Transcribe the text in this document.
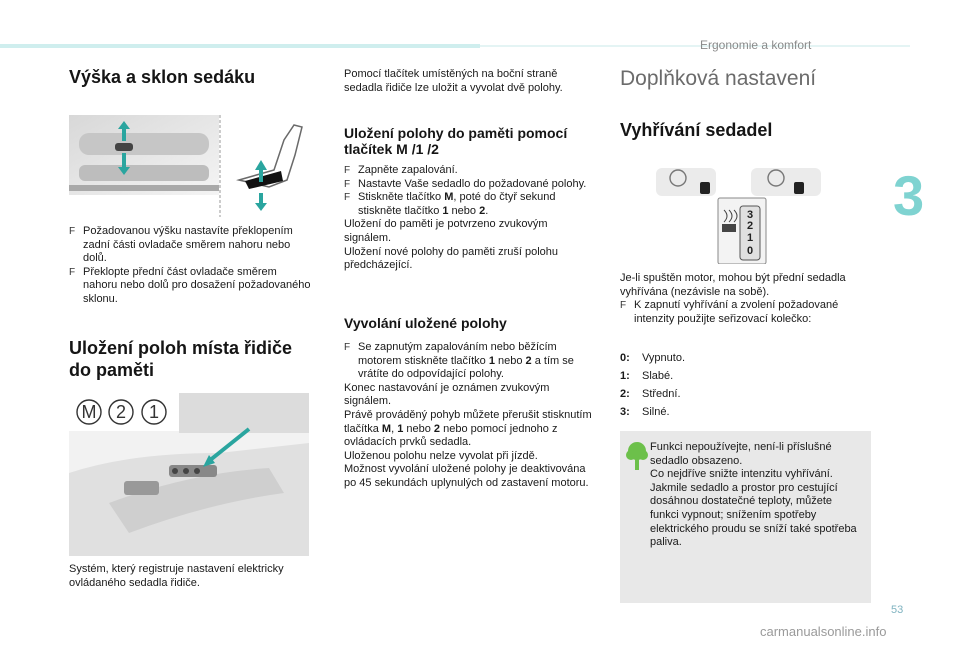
Ergonomie a komfort
3
53
carmanualsonline.info
Výška a sklon sedáku
F Požadovanou výšku nastavíte překlopením zadní části ovladače směrem nahoru nebo dolů.
F Překlopte přední část ovladače směrem nahoru nebo dolů pro dosažení požadovaného sklonu.
Uložení poloh místa řidiče
do paměti
M 2 1
Systém, který registruje nastavení elektricky ovládaného sedadla řidiče.
Pomocí tlačítek umístěných na boční straně sedadla řidiče lze uložit a vyvolat dvě polohy.
Uložení polohy do paměti pomocí
tlačítek M /1 /2
F Zapněte zapalování.
F Nastavte Vaše sedadlo do požadované polohy.
F Stiskněte tlačítko M, poté do čtyř sekund stiskněte tlačítko 1 nebo 2.

Uložení do paměti je potvrzeno zvukovým signálem.

Uložení nové polohy do paměti zruší polohu předcházející.

Vyvolání uložené polohy
F Se zapnutým zapalováním nebo běžícím motorem stiskněte tlačítko 1 nebo 2 a tím se vrátíte do odpovídající polohy.

Konec nastavování je oznámen zvukovým signálem.

Právě prováděný pohyb můžete přerušit stisknutím tlačítka M, 1 nebo 2 nebo pomocí jednoho z ovládacích prvků sedadla.

Uloženou polohu nelze vyvolat při jízdě.

Možnost vyvolání uložené polohy je deaktivována po 45 sekundách uplynulých od zastavení motoru.

Doplňková nastavení
Vyhřívání sedadel
3
2
1
0

Je-li spuštěn motor, mohou být přední sedadla vyhřívána (nezávisle na sobě).

F K zapnutí vyhřívání a zvolení požadované intenzity použijte seřizovací kolečko:
0:	Vypnuto.
1:	Slabé.
2:	Střední.
3:	Silné.

Funkci nepoužívejte, není-li příslušné sedadlo obsazeno.

Co nejdříve snižte intenzitu vyhřívání.

Jakmile sedadlo a prostor pro cestující dosáhnou dostatečné teploty, můžete funkci vypnout; snížením spotřeby elektrického proudu se sníží také spotřeba paliva.
